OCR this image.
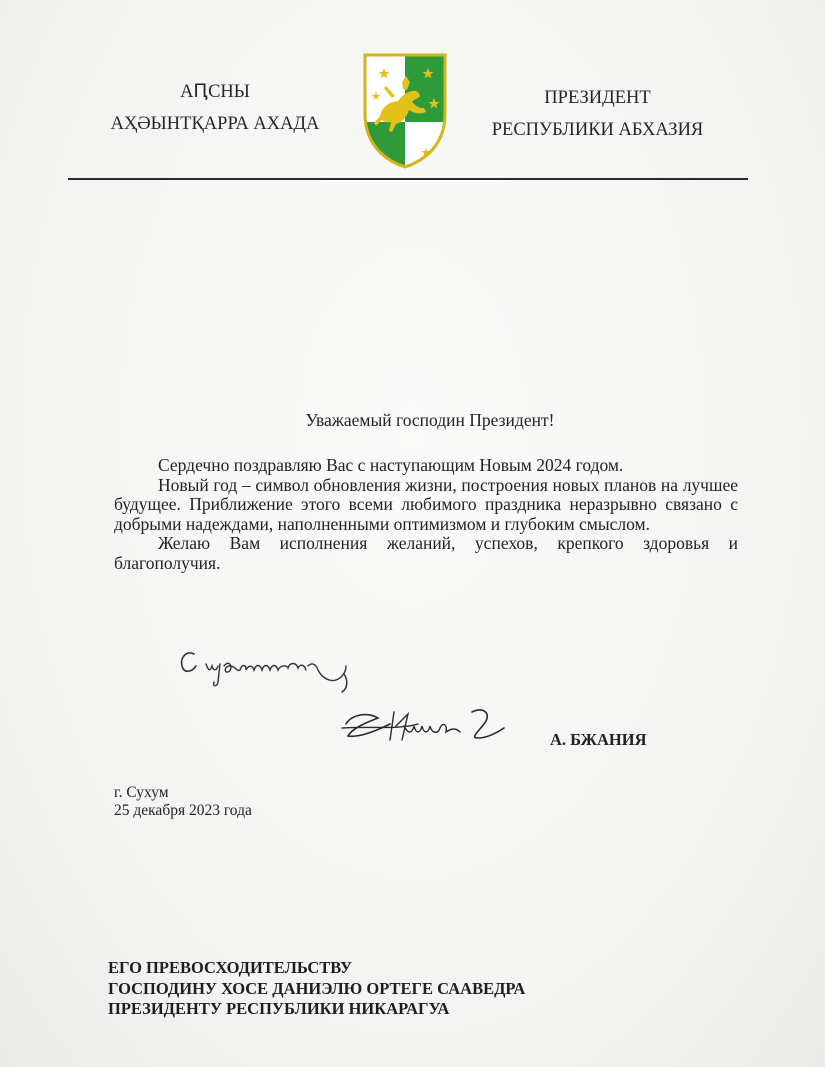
АԤСНЫ
АҲӘЫНТҚАРРА АХАДА
ПРЕЗИДЕНТ
РЕСПУБЛИКИ АБХАЗИЯ
Уважаемый господин Президент!

Сердечно поздравляю Вас с наступающим Новым 2024 годом.

Новый год – символ обновления жизни, построения новых планов на лучшее будущее. Приближение этого всеми любимого праздника неразрывно связано с добрыми надеждами, наполненными оптимизмом и глубоким смыслом.

Желаю Вам исполнения желаний, успехов, крепкого здоровья и благополучия.

А. БЖАНИЯ
г. Сухум
25 декабря 2023 года
ЕГО ПРЕВОСХОДИТЕЛЬСТВУ
ГОСПОДИНУ ХОСЕ ДАНИЭЛЮ ОРТЕГЕ СААВЕДРА
ПРЕЗИДЕНТУ РЕСПУБЛИКИ НИКАРАГУА
